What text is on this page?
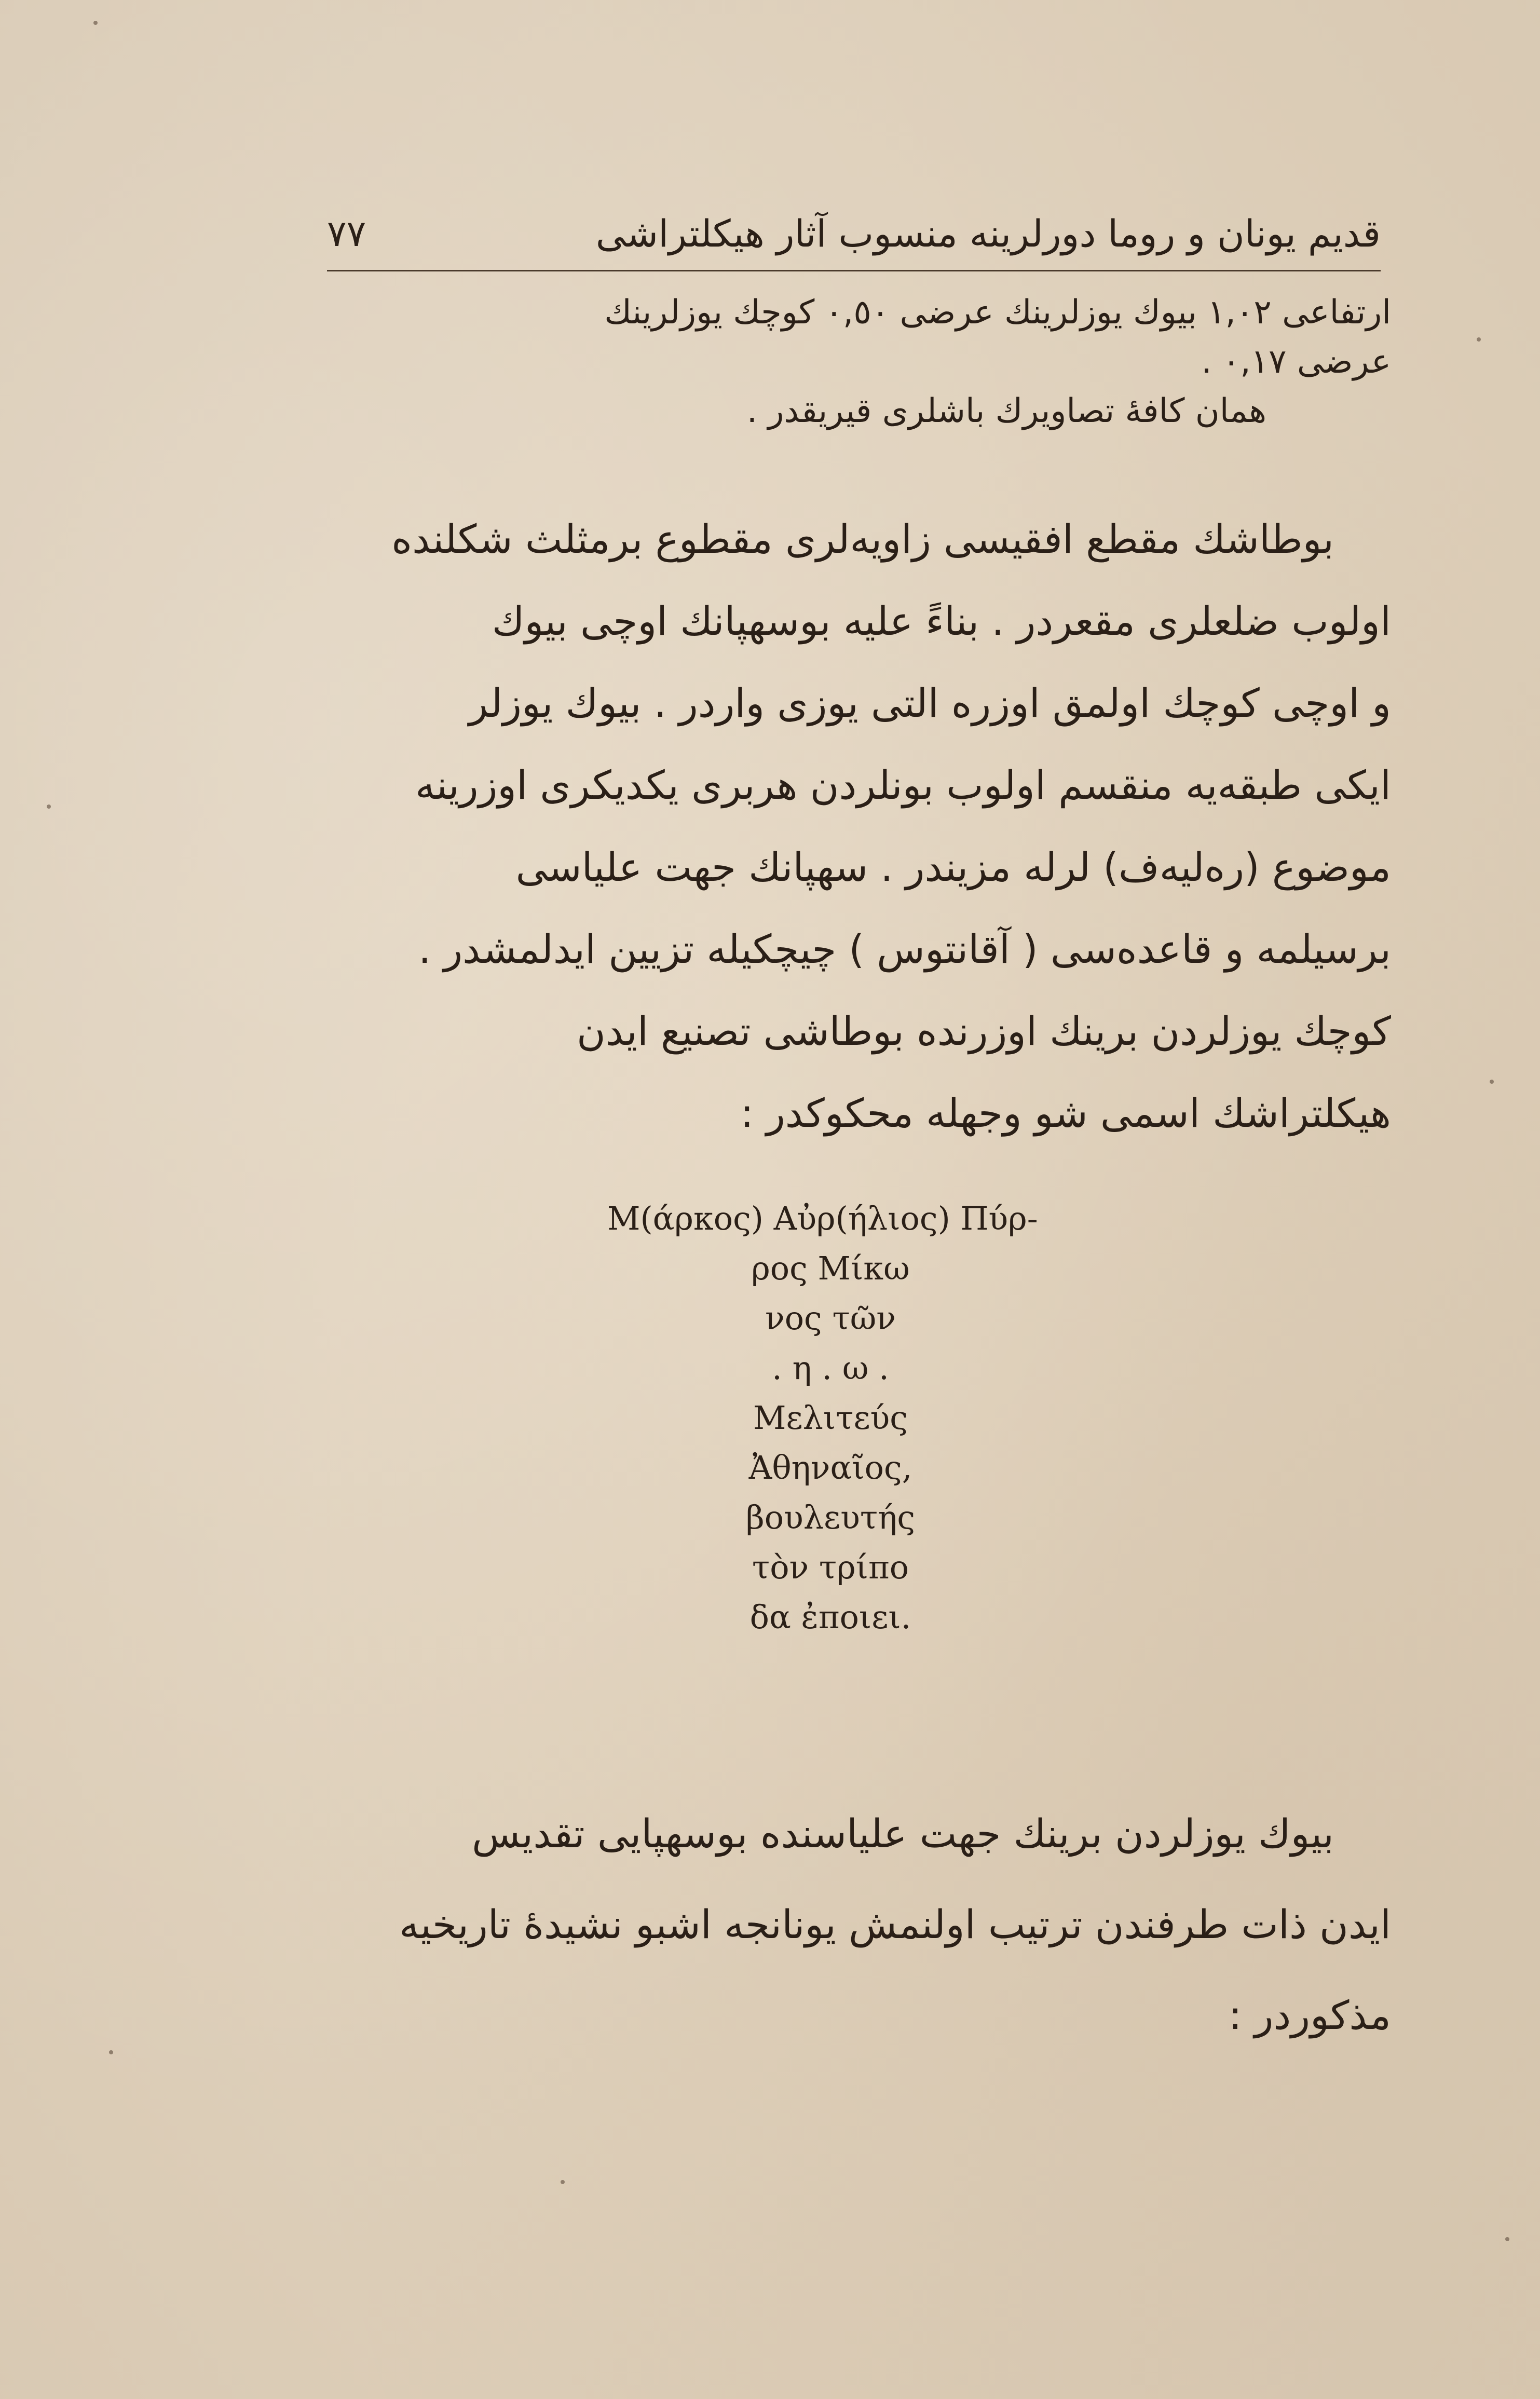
٧٧	قدیم یونان و روما دورلرینه منسوب آثار هیکلتراشی
ارتفاعی ١,٠٢ بیوك یوزلرینك عرضی ٠,٥٠ كوچك یوزلرینك
عرضی ٠,١٧ .
همان كافهٔ تصاویرك باشلری قیریقدر .
بوطاشك مقطع افقیسی زاویه‌لری مقطوع برمثلث شكلنده
اولوب ضلعلری مقعردر . بناءً علیه بوسهپانك اوچی بیوك
و اوچی كوچك اولمق اوزره التی یوزی واردر . بیوك یوزلر
ایكی طبقه‌یه منقسم اولوب بونلردن هربری یكدیكری اوزرینه
موضوع (ره‌لیه‌ف) لرله مزیندر . سهپانك جهت علیاسی
برسیلمه و قاعده‌سی ( آقانتوس ) چیچكیله تزیین ایدلمشدر .
كوچك یوزلردن برینك اوزرنده بوطاشی تصنیع ایدن
هیكلتراشك اسمی شو وجهله محكوكدر :
Μ(άρκος) Αὐρ(ήλιος) Πύρ-
ρος Μίκω
νος τῶν
. η . ω .
Μελιτεύς
Ἀθηναῖος,
βουλευτής
τὸν τρίπο
δα ἐποιει.
بیوك یوزلردن برینك جهت علیاسنده بوسهپایی تقدیس
ایدن ذات طرفندن ترتیب اولنمش یونانجه اشبو نشیدهٔ تاریخیه
مذكوردر :
